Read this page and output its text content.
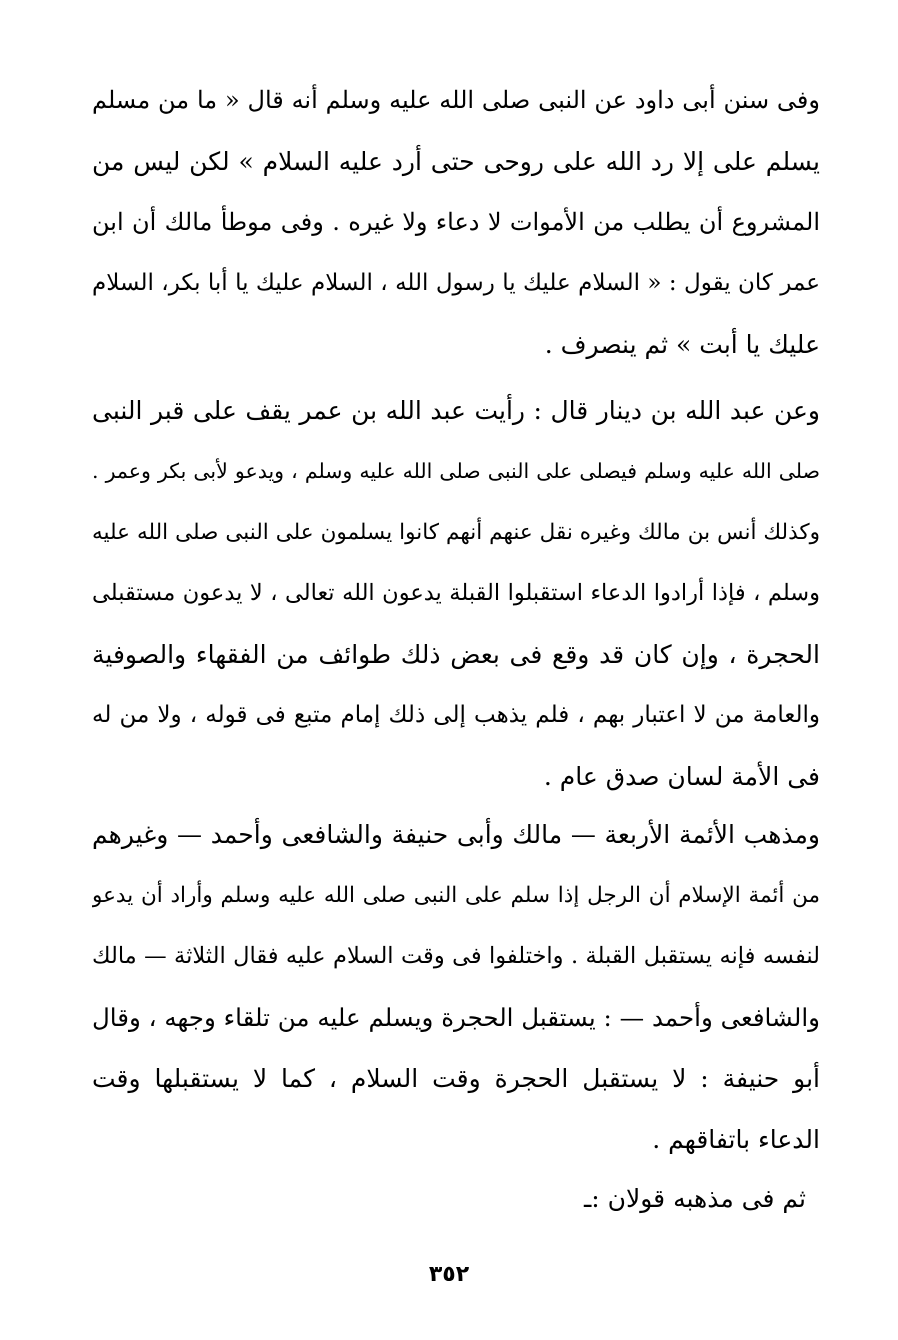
وفى سنن أبى داود عن النبى صلى الله عليه وسلم أنه قال « ما من مسلم
يسلم على إلا رد الله على روحى حتى أرد عليه السلام » لكن ليس من
المشروع أن يطلب من الأموات لا دعاء ولا غيره . وفى موطأ مالك أن ابن
عمر كان يقول : « السلام عليك يا رسول الله ، السلام عليك يا أبا بكر، السلام
عليك يا أبت » ثم ينصرف .
وعن عبد الله بن دينار قال : رأيت عبد الله بن عمر يقف على قبر النبى
صلى الله عليه وسلم فيصلى على النبى صلى الله عليه وسلم ، ويدعو لأبى بكر وعمر .
وكذلك أنس بن مالك وغيره نقل عنهم أنهم كانوا يسلمون على النبى صلى الله عليه
وسلم ، فإذا أرادوا الدعاء استقبلوا القبلة يدعون الله تعالى ، لا يدعون مستقبلى
الحجرة ، وإن كان قد وقع فى بعض ذلك طوائف من الفقهاء والصوفية
والعامة من لا اعتبار بهم ، فلم يذهب إلى ذلك إمام متبع فى قوله ، ولا من له
فى الأمة لسان صدق عام .
ومذهب الأئمة الأربعة — مالك وأبى حنيفة والشافعى وأحمد — وغيرهم
من أئمة الإسلام أن الرجل إذا سلم على النبى صلى الله عليه وسلم وأراد أن يدعو
لنفسه فإنه يستقبل القبلة . واختلفوا فى وقت السلام عليه فقال الثلاثة — مالك
والشافعى وأحمد — : يستقبل الحجرة ويسلم عليه من تلقاء وجهه ، وقال
أبو حنيفة : لا يستقبل الحجرة وقت السلام ، كما لا يستقبلها وقت
الدعاء باتفاقهم .
ثم فى مذهبه قولان :ـ
٣٥٢
